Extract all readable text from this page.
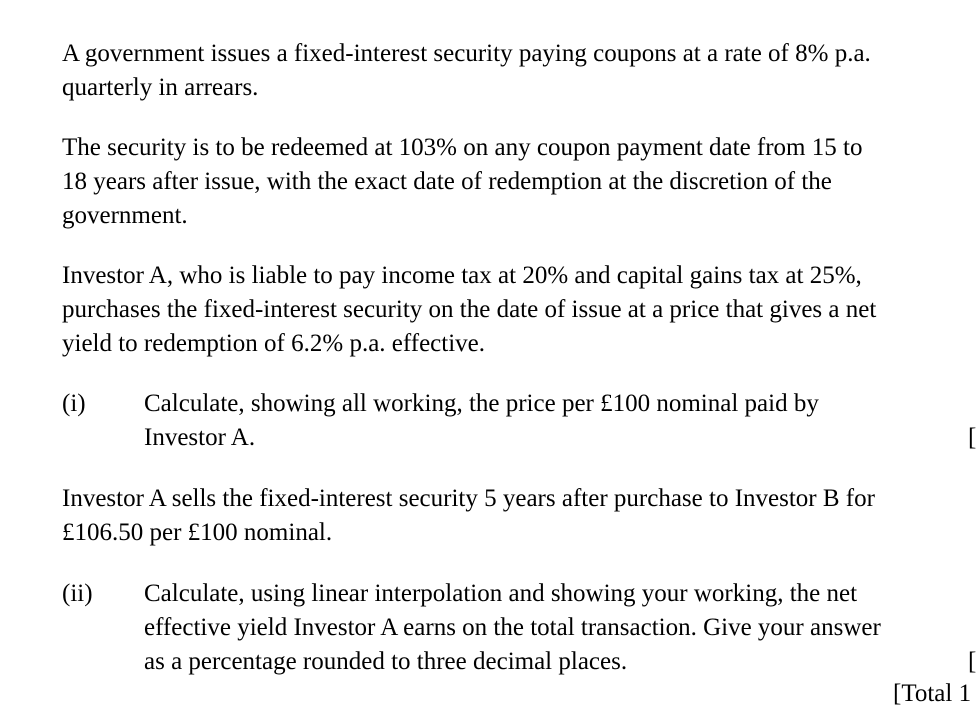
A government issues a fixed-interest security paying coupons at a rate of 8% p.a.
quarterly in arrears.
The security is to be redeemed at 103% on any coupon payment date from 15 to
18 years after issue, with the exact date of redemption at the discretion of the
government.
Investor A, who is liable to pay income tax at 20% and capital gains tax at 25%,
purchases the fixed-interest security on the date of issue at a price that gives a net
yield to redemption of 6.2% p.a. effective.
(i) Calculate, showing all working, the price per £100 nominal paid by
Investor A.	[
Investor A sells the fixed-interest security 5 years after purchase to Investor B for
£106.50 per £100 nominal.
(ii) Calculate, using linear interpolation and showing your working, the net
effective yield Investor A earns on the total transaction. Give your answer
as a percentage rounded to three decimal places.	[
[Total 1
